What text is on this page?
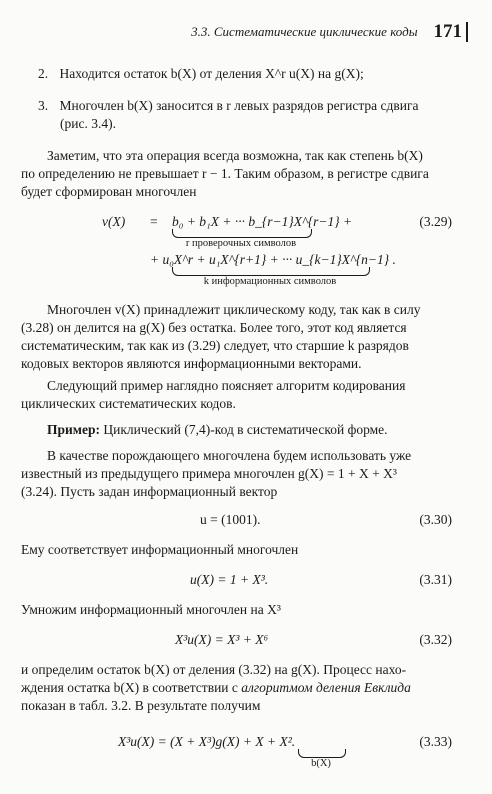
3.3. Систематические циклические коды 171
2. Находится остаток b(X) от деления X^r u(X) на g(X);
3. Многочлен b(X) заносится в r левых разрядов регистра сдвига
(рис. 3.4).
Заметим, что эта операция всегда возможна, так как степень b(X)
по определению не превышает r − 1. Таким образом, в регистре сдвига
будет сформирован многочлен
v(X) = b₀ + b₁X + ··· b_{r−1}X^{r−1} +
r проверочных символов
(3.29)
+ u₀X^r + u₁X^{r+1} + ··· u_{k−1}X^{n−1} .
k информационных символов
Многочлен v(X) принадлежит циклическому коду, так как в силу
(3.28) он делится на g(X) без остатка. Более того, этот код является
систематическим, так как из (3.29) следует, что старшие k разрядов
кодовых векторов являются информационными векторами.
Следующий пример наглядно поясняет алгоритм кодирования
циклических систематических кодов.
Пример: Циклический (7,4)-код в систематической форме.
В качестве порождающего многочлена будем использовать уже
известный из предыдущего примера многочлен g(X) = 1 + X + X³
(3.24). Пусть задан информационный вектор
u = (1001).	(3.30)
Ему соответствует информационный многочлен
u(X) = 1 + X³.	(3.31)
Умножим информационный многочлен на X³
X³u(X) = X³ + X⁶	(3.32)
и определим остаток b(X) от деления (3.32) на g(X). Процесс нахо-
ждения остатка b(X) в соответствии с алгоритмом деления Евклида
показан в табл. 3.2. В результате получим
X³u(X) = (X + X³)g(X) + X + X².
b(X)
(3.33)
